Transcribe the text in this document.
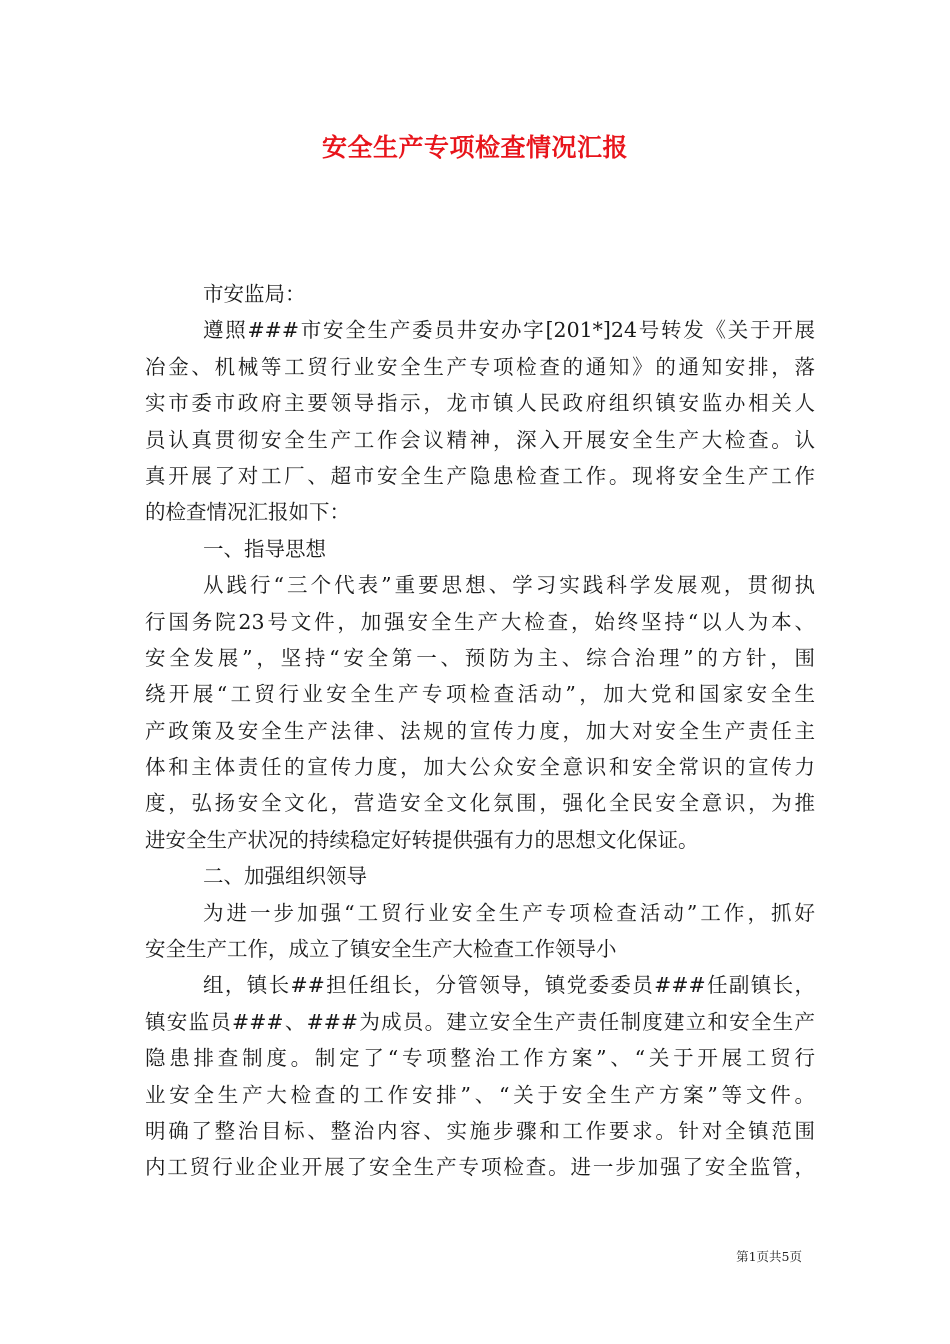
安全生产专项检查情况汇报
市安监局：
遵照###市安全生产委员井安办字[201*]24号转发《关于开展
冶金、机械等工贸行业安全生产专项检查的通知》的通知安排，落
实市委市政府主要领导指示，龙市镇人民政府组织镇安监办相关人
员认真贯彻安全生产工作会议精神，深入开展安全生产大检查。认
真开展了对工厂、超市安全生产隐患检查工作。现将安全生产工作
的检查情况汇报如下：
一、指导思想
从践行“三个代表”重要思想、学习实践科学发展观，贯彻执
行国务院23号文件，加强安全生产大检查，始终坚持“以人为本、
安全发展”，坚持“安全第一、预防为主、综合治理”的方针，围
绕开展“工贸行业安全生产专项检查活动”，加大党和国家安全生
产政策及安全生产法律、法规的宣传力度，加大对安全生产责任主
体和主体责任的宣传力度，加大公众安全意识和安全常识的宣传力
度，弘扬安全文化，营造安全文化氛围，强化全民安全意识，为推
进安全生产状况的持续稳定好转提供强有力的思想文化保证。
二、加强组织领导
为进一步加强“工贸行业安全生产专项检查活动”工作，抓好
安全生产工作，成立了镇安全生产大检查工作领导小
组，镇长##担任组长，分管领导，镇党委委员###任副镇长，
镇安监员###、###为成员。建立安全生产责任制度建立和安全生产
隐患排查制度。制定了“专项整治工作方案”、“关于开展工贸行
业安全生产大检查的工作安排”、“关于安全生产方案”等文件。
明确了整治目标、整治内容、实施步骤和工作要求。针对全镇范围
内工贸行业企业开展了安全生产专项检查。进一步加强了安全监管，
第1页共5页
